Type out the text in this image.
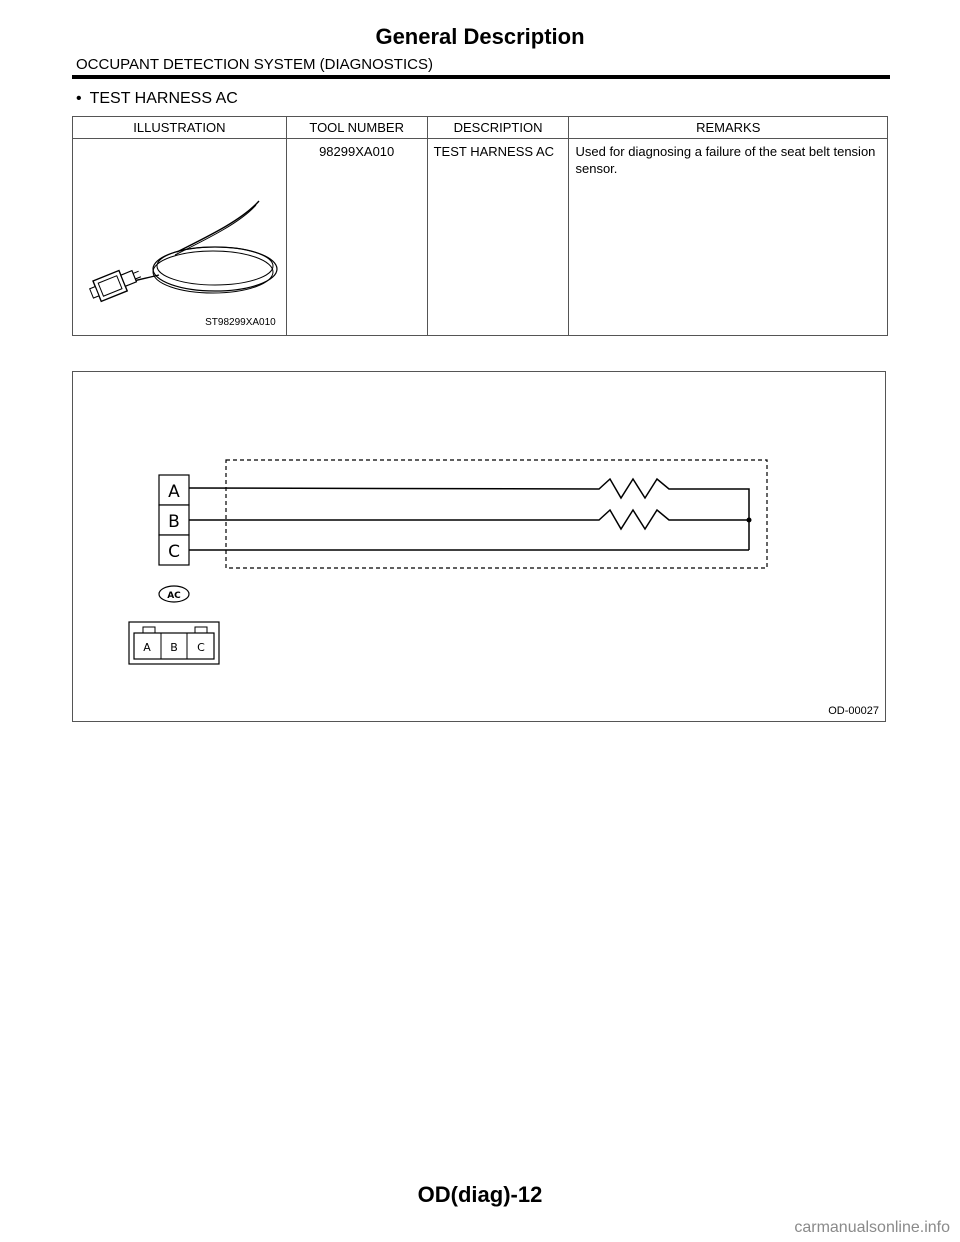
General Description
OCCUPANT DETECTION SYSTEM (DIAGNOSTICS)
• TEST HARNESS AC
ILLUSTRATION	TOOL NUMBER	DESCRIPTION	REMARKS

ST98299XA010	98299XA010	TEST HARNESS AC	Used for diagnosing a failure of the seat belt tension sensor.
A
B
C
AC
A B C
OD-00027
OD(diag)-12
carmanualsonline.info
